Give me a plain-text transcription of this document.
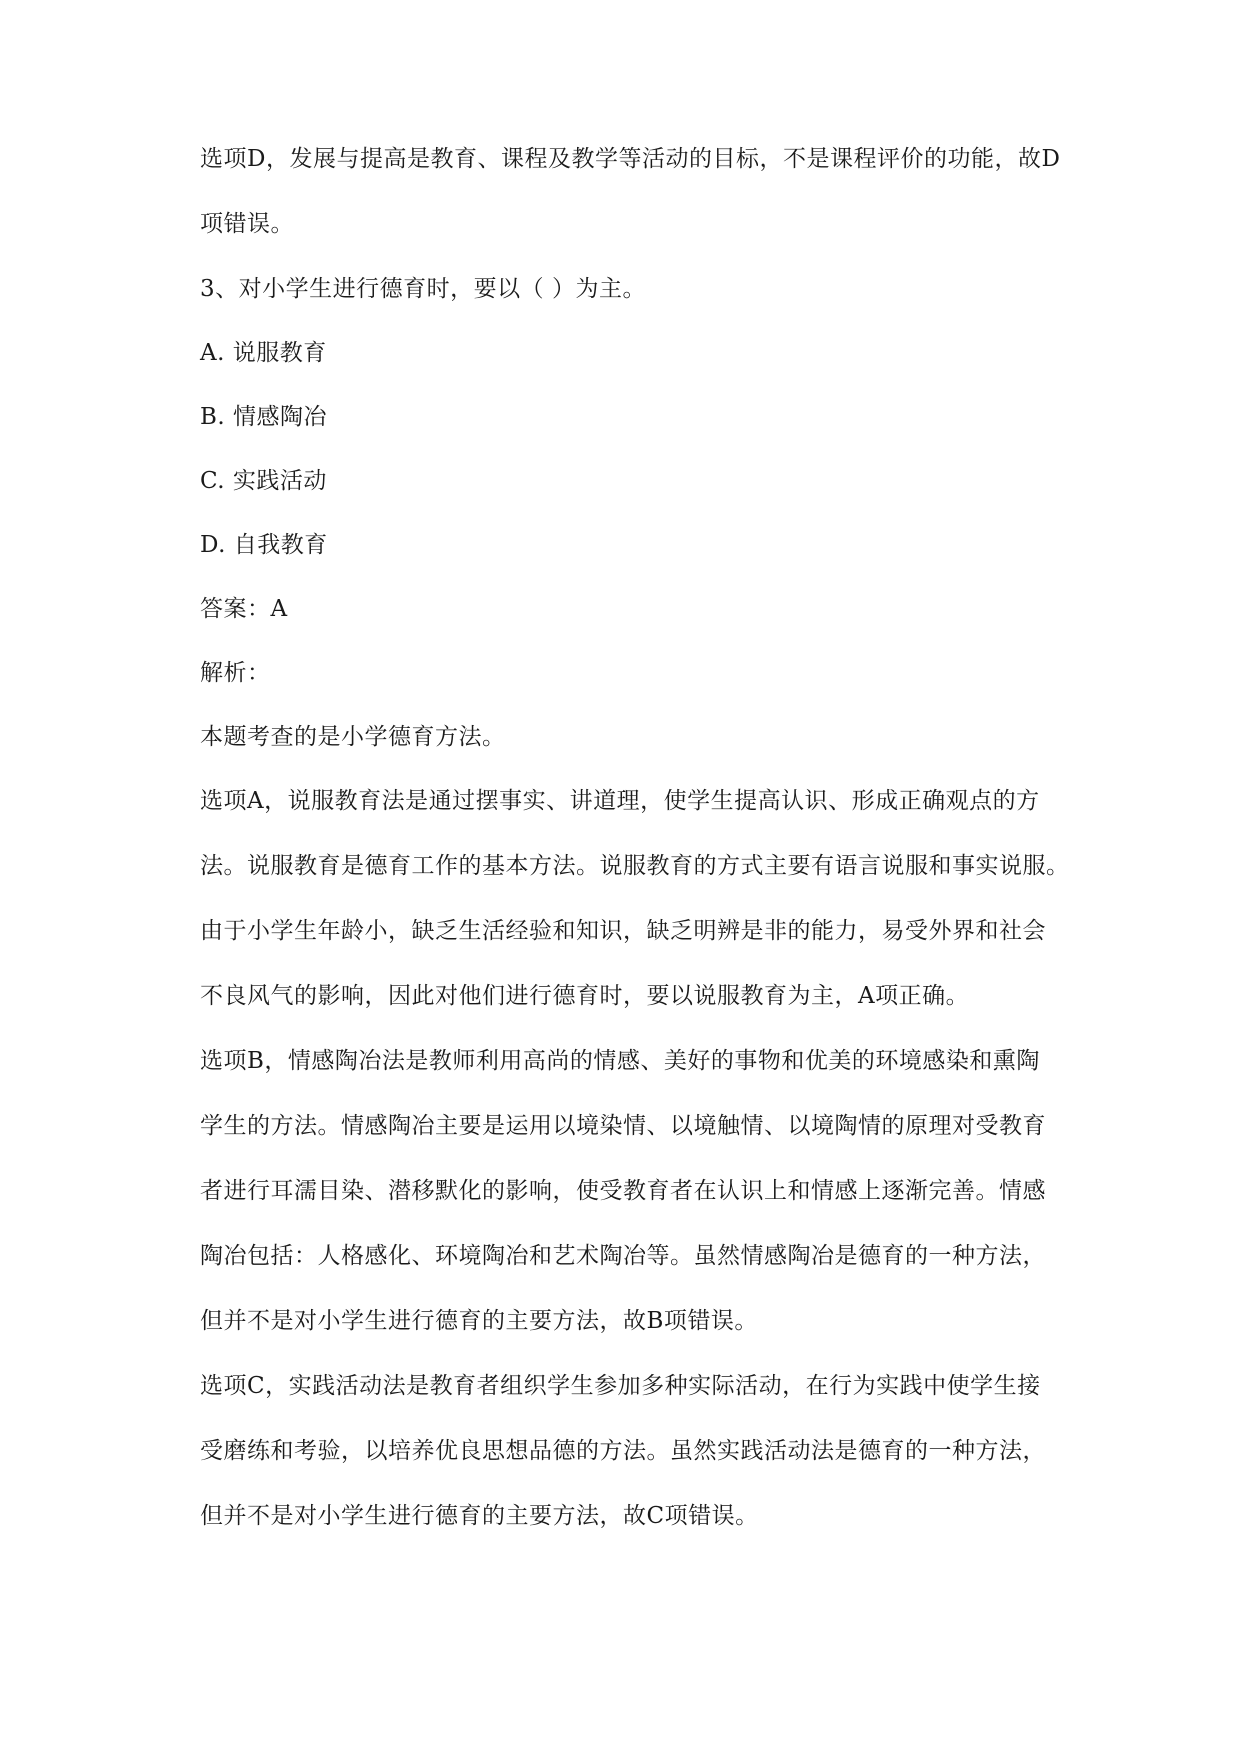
选项D，发展与提高是教育、课程及教学等活动的目标，不是课程评价的功能，故D

项错误。

3、对小学生进行德育时，要以（ ）为主。

A. 说服教育

B. 情感陶冶

C. 实践活动

D. 自我教育

答案：A

解析：

本题考查的是小学德育方法。

选项A，说服教育法是通过摆事实、讲道理，使学生提高认识、形成正确观点的方

法。说服教育是德育工作的基本方法。说服教育的方式主要有语言说服和事实说服。

由于小学生年龄小，缺乏生活经验和知识，缺乏明辨是非的能力，易受外界和社会

不良风气的影响，因此对他们进行德育时，要以说服教育为主，A项正确。

选项B，情感陶冶法是教师利用高尚的情感、美好的事物和优美的环境感染和熏陶

学生的方法。情感陶冶主要是运用以境染情、以境触情、以境陶情的原理对受教育

者进行耳濡目染、潜移默化的影响，使受教育者在认识上和情感上逐渐完善。情感

陶冶包括：人格感化、环境陶冶和艺术陶冶等。虽然情感陶冶是德育的一种方法，

但并不是对小学生进行德育的主要方法，故B项错误。

选项C，实践活动法是教育者组织学生参加多种实际活动，在行为实践中使学生接

受磨练和考验，以培养优良思想品德的方法。虽然实践活动法是德育的一种方法，

但并不是对小学生进行德育的主要方法，故C项错误。
